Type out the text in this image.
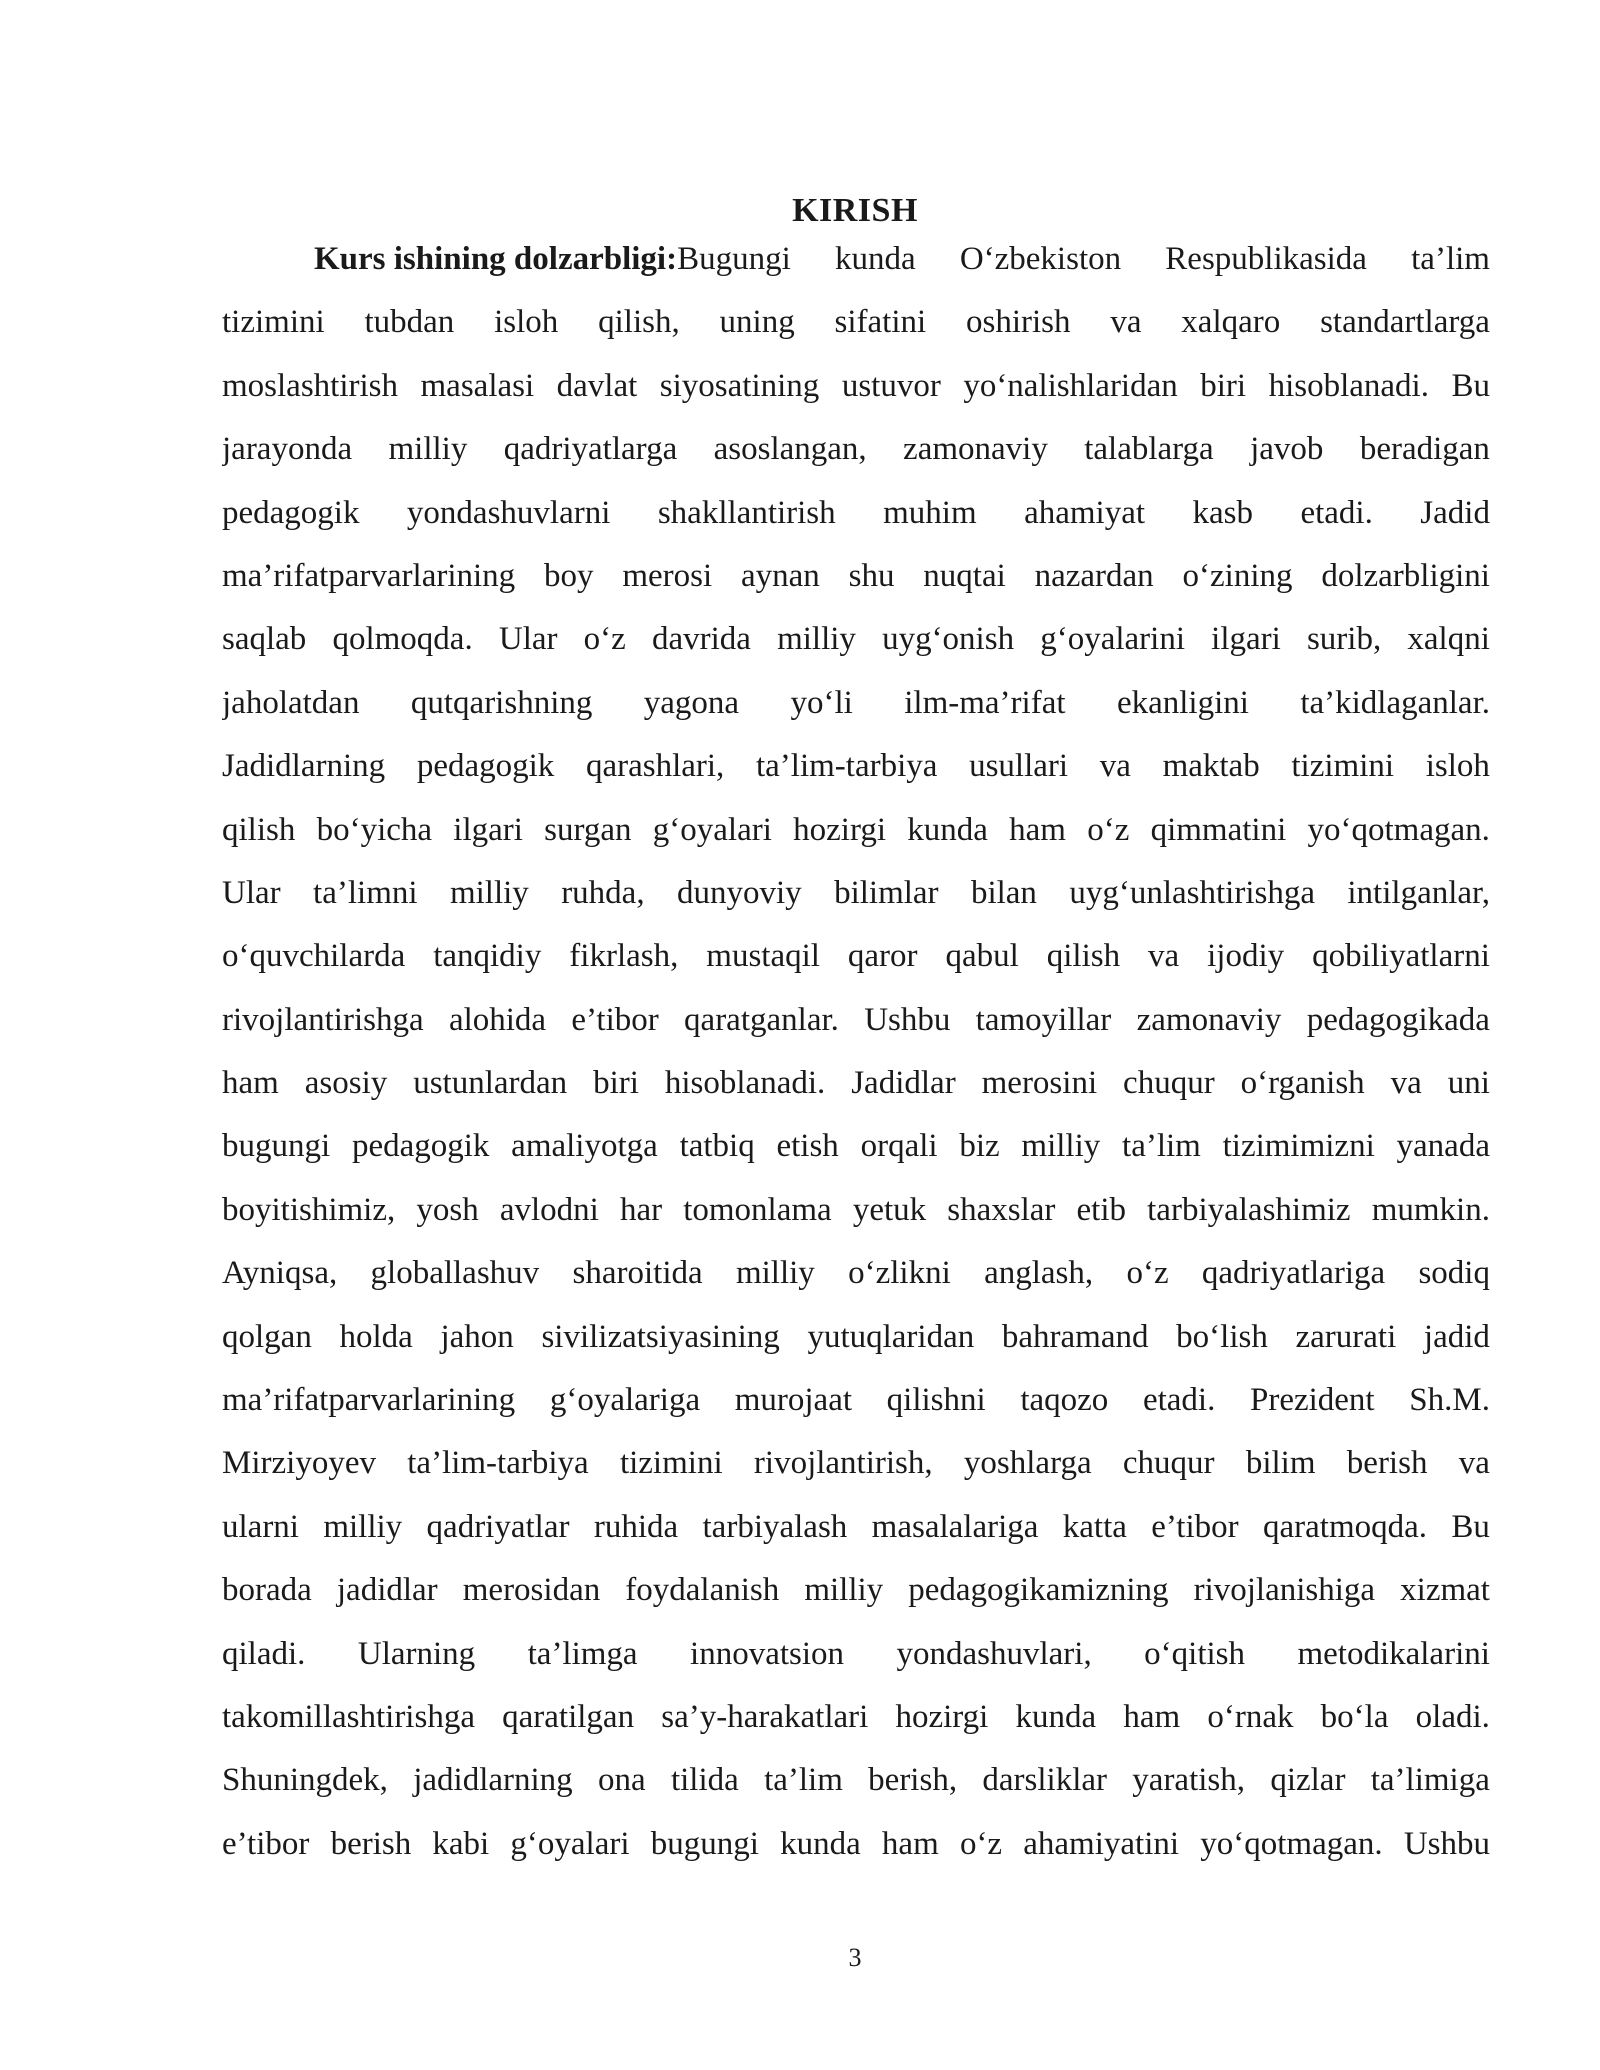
KIRISH
Kurs ishining dolzarbligi: Bugungi kunda O‘zbekiston Respublikasida ta’lim
tizimini tubdan isloh qilish, uning sifatini oshirish va xalqaro standartlarga
moslashtirish masalasi davlat siyosatining ustuvor yo‘nalishlaridan biri hisoblanadi. Bu
jarayonda milliy qadriyatlarga asoslangan, zamonaviy talablarga javob beradigan
pedagogik yondashuvlarni shakllantirish muhim ahamiyat kasb etadi. Jadid
ma’rifatparvarlarining boy merosi aynan shu nuqtai nazardan o‘zining dolzarbligini
saqlab qolmoqda. Ular o‘z davrida milliy uyg‘onish g‘oyalarini ilgari surib, xalqni
jaholatdan qutqarishning yagona yo‘li ilm-ma’rifat ekanligini ta’kidlaganlar.
Jadidlarning pedagogik qarashlari, ta’lim-tarbiya usullari va maktab tizimini isloh
qilish bo‘yicha ilgari surgan g‘oyalari hozirgi kunda ham o‘z qimmatini yo‘qotmagan.
Ular ta’limni milliy ruhda, dunyoviy bilimlar bilan uyg‘unlashtirishga intilganlar,
o‘quvchilarda tanqidiy fikrlash, mustaqil qaror qabul qilish va ijodiy qobiliyatlarni
rivojlantirishga alohida e’tibor qaratganlar. Ushbu tamoyillar zamonaviy pedagogikada
ham asosiy ustunlardan biri hisoblanadi. Jadidlar merosini chuqur o‘rganish va uni
bugungi pedagogik amaliyotga tatbiq etish orqali biz milliy ta’lim tizimimizni yanada
boyitishimiz, yosh avlodni har tomonlama yetuk shaxslar etib tarbiyalashimiz mumkin.
Ayniqsa, globallashuv sharoitida milliy o‘zlikni anglash, o‘z qadriyatlariga sodiq
qolgan holda jahon sivilizatsiyasining yutuqlaridan bahramand bo‘lish zarurati jadid
ma’rifatparvarlarining g‘oyalariga murojaat qilishni taqozo etadi. Prezident Sh.M.
Mirziyoyev ta’lim-tarbiya tizimini rivojlantirish, yoshlarga chuqur bilim berish va
ularni milliy qadriyatlar ruhida tarbiyalash masalalariga katta e’tibor qaratmoqda. Bu
borada jadidlar merosidan foydalanish milliy pedagogikamizning rivojlanishiga xizmat
qiladi. Ularning ta’limga innovatsion yondashuvlari, o‘qitish metodikalarini
takomillashtirishga qaratilgan sa’y-harakatlari hozirgi kunda ham o‘rnak bo‘la oladi.
Shuningdek, jadidlarning ona tilida ta’lim berish, darsliklar yaratish, qizlar ta’limiga
e’tibor berish kabi g‘oyalari bugungi kunda ham o‘z ahamiyatini yo‘qotmagan. Ushbu
3
